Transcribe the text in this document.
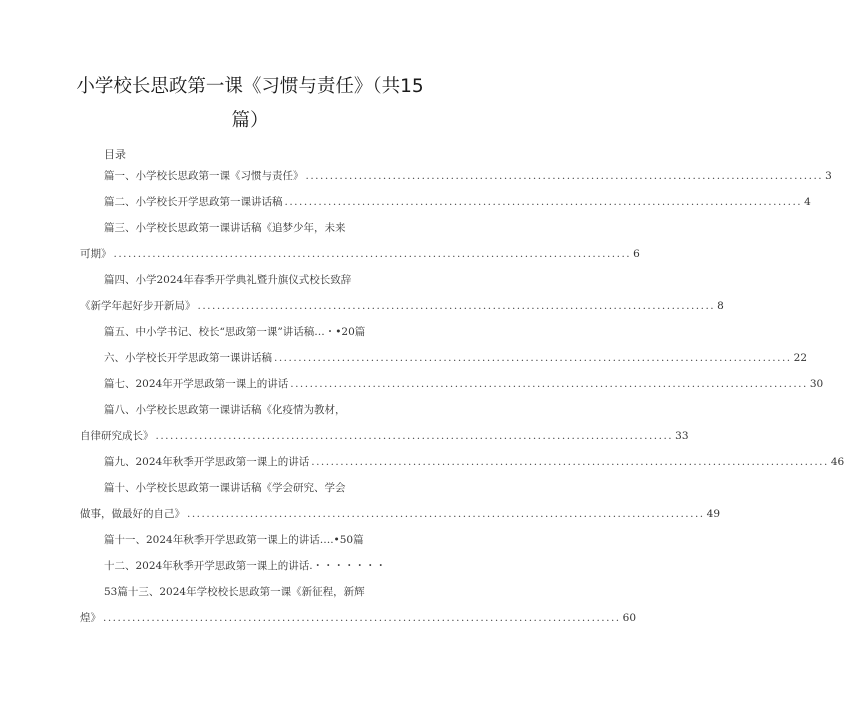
小学校长思政第一课《习惯与责任》（共15
篇）
目录
篇一、小学校长思政第一课《习惯与责任》 ........................................................................................................... 3
篇二、小学校长开学思政第一课讲话稿 ........................................................................................................... 4
篇三、小学校长思政第一课讲话稿《追梦少年，未来
可期》 ........................................................................................................... 6
篇四、小学2024年春季开学典礼暨升旗仪式校长致辞
《新学年起好步开新局》 ........................................................................................................... 8
篇五、中小学书记、校长“思政第一课”讲话稿…・•20篇
六、小学校长开学思政第一课讲话稿 ........................................................................................................... 22
篇七、2024年开学思政第一课上的讲话 ........................................................................................................... 30
篇八、小学校长思政第一课讲话稿《化疫情为教材，
自律研究成长》 ........................................................................................................... 33
篇九、2024年秋季开学思政第一课上的讲话 ........................................................................................................... 46
篇十、小学校长思政第一课讲话稿《学会研究、学会
做事，做最好的自己》 ........................................................................................................... 49
篇十一、2024年秋季开学思政第一课上的讲话….•50篇
十二、2024年秋季开学思政第一课上的讲话.・・・・・・・
53篇十三、2024年学校校长思政第一课《新征程，新辉
煌》 ........................................................................................................... 60
